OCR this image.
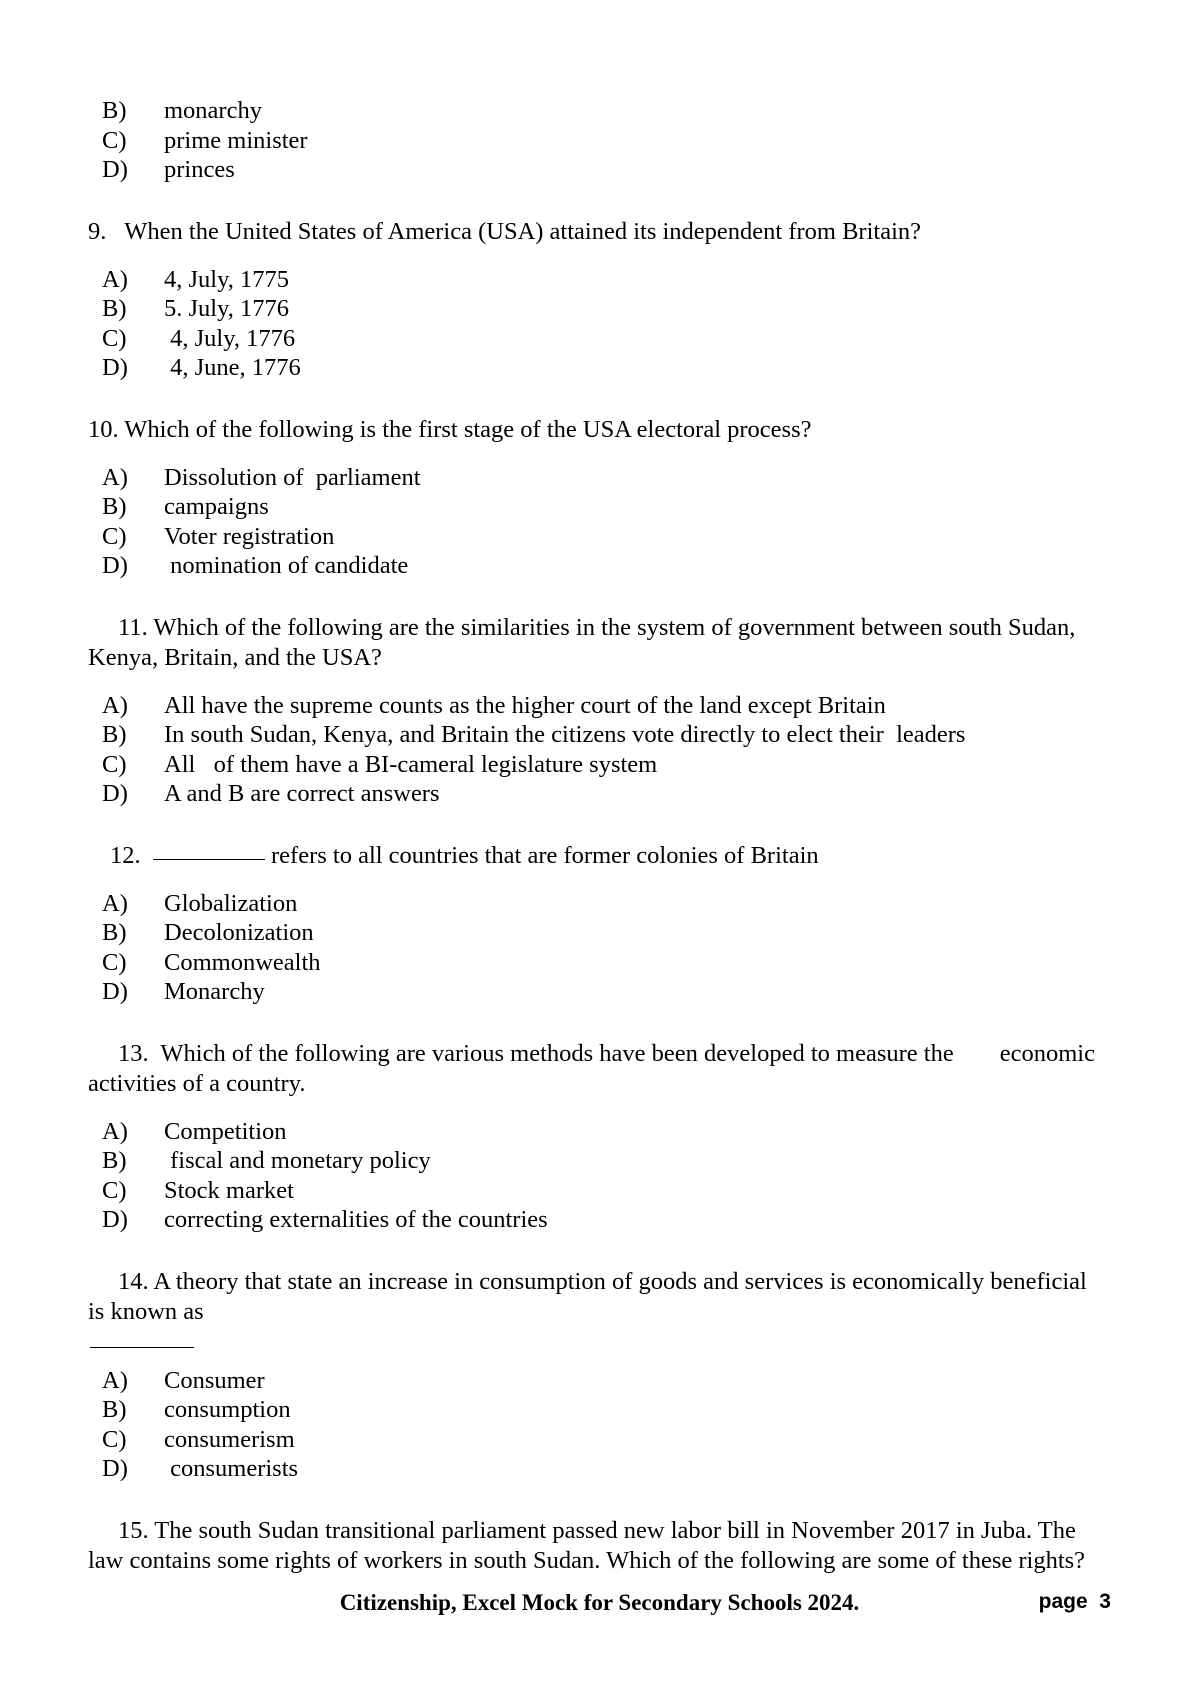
B)	monarchy
C)	prime minister
D)	princes

9.   When the United States of America (USA) attained its independent from Britain?

A)	4, July, 1775
B)	5. July, 1776
C)	4, July, 1776
D)	4, June, 1776

10. Which of the following is the first stage of the USA electoral process?

A)	Dissolution of  parliament
B)	campaigns
C)	Voter registration
D)	nomination of candidate

11. Which of the following are the similarities in the system of government between south Sudan, Kenya, Britain, and the USA?

A)	All have the supreme counts as the higher court of the land except Britain
B)	In south Sudan, Kenya, and Britain the citizens vote directly to elect their  leaders
C)	All   of them have a BI-cameral legislature system
D)	A and B are correct answers

12.	refers to all countries that are former colonies of Britain

A)	Globalization
B)	Decolonization
C)	Commonwealth
D)	Monarchy

13.  Which of the following are various methods have been developed to measure the economic activities of a country.

A)	Competition
B)	fiscal and monetary policy
C)	Stock market
D)	correcting externalities of the countries

14. A theory that state an increase in consumption of goods and services is economically beneficial is known as

A)	Consumer
B)	consumption
C)	consumerism
D)	consumerists

15. The south Sudan transitional parliament passed new labor bill in November 2017 in Juba. The law contains some rights of workers in south Sudan. Which of the following are some of these rights?

Citizenship, Excel Mock for Secondary Schools 2024.	page  3
